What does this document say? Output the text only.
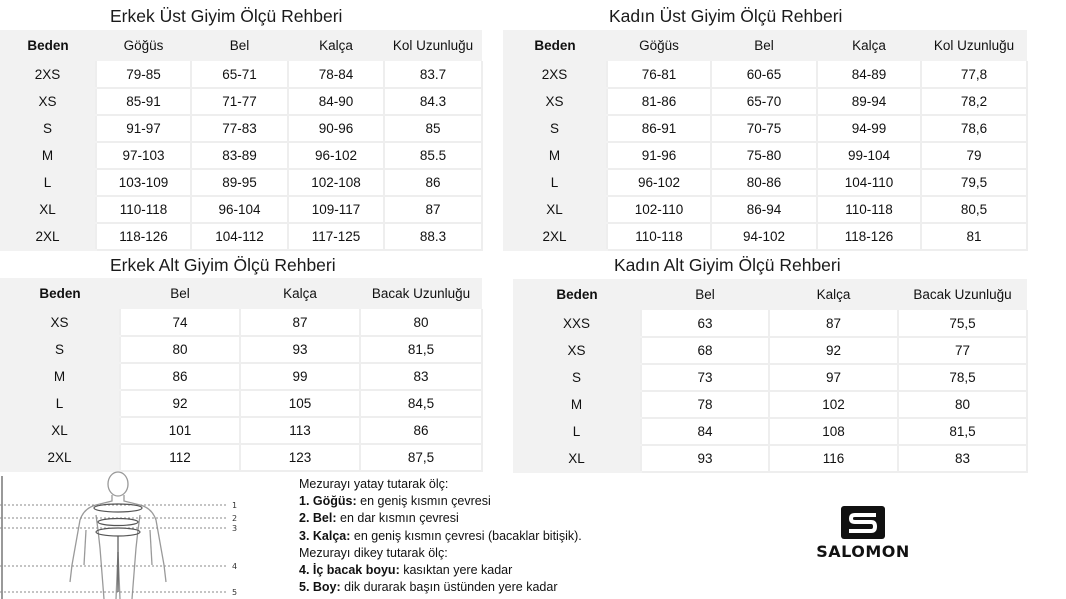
Erkek Üst Giyim Ölçü Rehberi	Kadın Üst Giyim Ölçü Rehberi
Erkek Alt Giyim Ölçü Rehberi	Kadın Alt Giyim Ölçü Rehberi
Beden	Göğüs	Bel	Kalça	Kol Uzunluğu
2XS	79-85	65-71	78-84	83.7
XS	85-91	71-77	84-90	84.3
S	91-97	77-83	90-96	85
M	97-103	83-89	96-102	85.5
L	103-109	89-95	102-108	86
XL	110-118	96-104	109-117	87
2XL	118-126	104-112	117-125	88.3
Beden	Göğüs	Bel	Kalça	Kol Uzunluğu
2XS	76-81	60-65	84-89	77,8
XS	81-86	65-70	89-94	78,2
S	86-91	70-75	94-99	78,6
M	91-96	75-80	99-104	79
L	96-102	80-86	104-110	79,5
XL	102-110	86-94	110-118	80,5
2XL	110-118	94-102	118-126	81
Beden	Bel	Kalça	Bacak Uzunluğu
XS	74	87	80
S	80	93	81,5
M	86	99	83
L	92	105	84,5
XL	101	113	86
2XL	112	123	87,5
Beden	Bel	Kalça	Bacak Uzunluğu
XXS	63	87	75,5
XS	68	92	77
S	73	97	78,5
M	78	102	80
L	84	108	81,5
XL	93	116	83
1
2
3
4
5
Mezurayı yatay tutarak ölç:
1. Göğüs: en geniş kısmın çevresi
2. Bel: en dar kısmın çevresi
3. Kalça: en geniş kısmın çevresi (bacaklar bitişik).
Mezurayı dikey tutarak ölç:
4. İç bacak boyu: kasıktan yere kadar
5. Boy: dik durarak başın üstünden yere kadar
SALOMON
